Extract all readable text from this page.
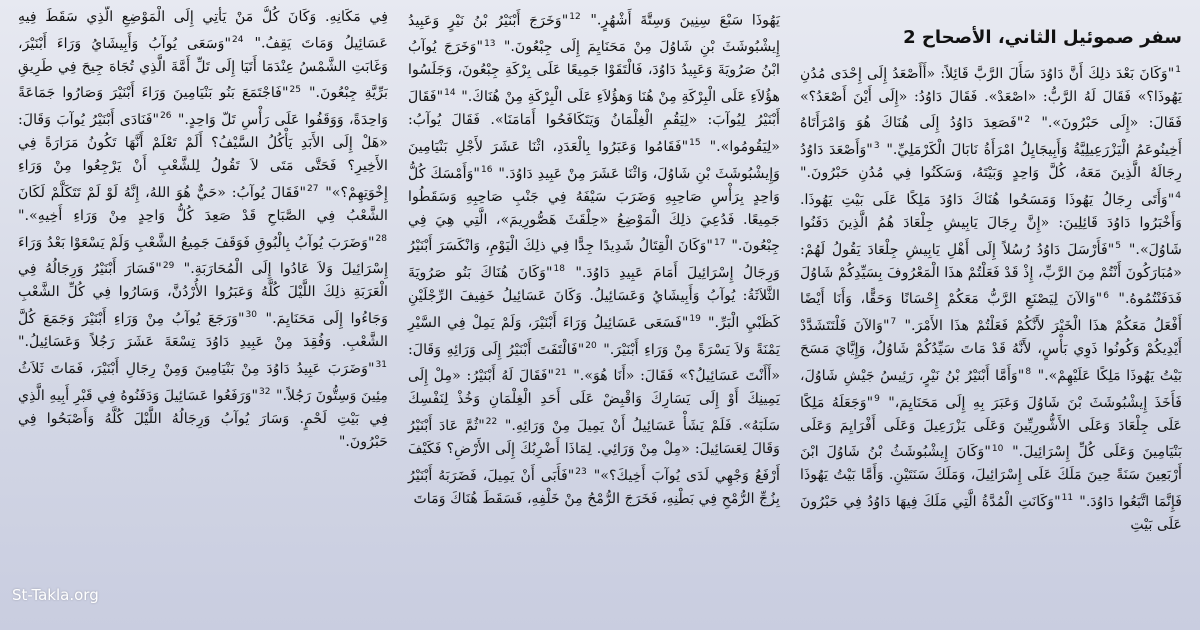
سفر صموئيل الثاني، الأصحاح 2
$^1$"وَكَانَ بَعْدَ ذلِكَ أَنَّ دَاوُدَ سَأَلَ الرَّبَّ قَائِلاً: «أَأَصْعَدُ إِلَى إِحْدَى مُدُنِ يَهُوذَا؟» فَقَالَ لَهُ الرَّبُّ: «اصْعَدْ». فَقَالَ دَاوُدُ: «إِلَى أَيْنَ أَصْعَدُ؟» فَقَالَ: «إِلَى حَبْرُونَ»." $^2$"فَصَعِدَ دَاوُدُ إِلَى هُنَاكَ هُوَ وَامْرَأَتَاهُ أَخِينُوعَمُ الْيَزْرَعِيلِيَّةُ وَأَبِيجَايِلُ امْرَأَةُ نَابَالَ الْكَرْمَلِيِّ." $^3$"وَأَصْعَدَ دَاوُدُ رِجَالَهُ الَّذِينَ مَعَهُ، كُلَّ وَاحِدٍ وَبَيْتَهُ، وَسَكَنُوا فِي مُدُنِ حَبْرُونَ." $^4$"وَأَتَى رِجَالُ يَهُوذَا وَمَسَحُوا هُنَاكَ دَاوُدَ مَلِكًا عَلَى بَيْتِ يَهُوذَا. وَأَخْبَرُوا دَاوُدَ قَائِلِينَ: «إِنَّ رِجَالَ يَابِيشِ جِلْعَادَ هُمُ الَّذِينَ دَفَنُوا شَاوُلَ»." $^5$"فَأَرْسَلَ دَاوُدُ رُسُلاً إِلَى أَهْلِ يَابِيشِ جِلْعَادَ يَقُولُ لَهُمْ: «مُبَارَكُونَ أَنْتُمْ مِنَ الرَّبِّ، إِذْ قَدْ فَعَلْتُمْ هذَا الْمَعْرُوفَ بِسَيِّدِكُمْ شَاوُلَ فَدَفَنْتُمُوهُ." $^6$"وَالآنَ لِيَصْنَعِ الرَّبُّ مَعَكُمْ إِحْسَانًا وَحَقًّا، وَأَنَا أَيْضًا أَفْعَلُ مَعَكُمْ هذَا الْخَيْرَ لأَنَّكُمْ فَعَلْتُمْ هذَا الأَمْرَ." $^7$"وَالآنَ فَلْتَتَشَدَّدْ أَيْدِيكُمْ وَكُونُوا ذَوِي بَأْسٍ، لأَنَّهُ قَدْ مَاتَ سَيِّدُكُمْ شَاوُلُ، وَإِيَّايَ مَسَحَ بَيْتُ يَهُوذَا مَلِكًا عَلَيْهِمْ»." $^8$"وَأَمَّا أَبْنَيْرُ بْنُ نَيْرٍ، رَئِيسُ جَيْشِ شَاوُلَ، فَأَخَذَ إِيشْبُوشَثَ بْنَ شَاوُلَ وَعَبَرَ بِهِ إِلَى مَحَنَايِمَ،" $^9$"وَجَعَلَهُ مَلِكًا عَلَى جِلْعَادَ وَعَلَى الأَشُّورِيِّينَ وَعَلَى يَزْرَعِيلَ وَعَلَى أَفْرَايِمَ وَعَلَى بَنْيَامِينَ وَعَلَى كُلِّ إِسْرَائِيلَ." $^{10}$"وَكَانَ إِيشْبُوشَثُ بْنُ شَاوُلَ ابْنَ أَرْبَعِينَ سَنَةً حِينَ مَلَكَ عَلَى إِسْرَائِيلَ، وَمَلَكَ سَنَتَيْنِ. وَأَمَّا بَيْتُ يَهُوذَا فَإِنَّمَا اتَّبَعُوا دَاوُدَ." $^{11}$"وَكَانَتِ الْمُدَّةُ الَّتِي مَلَكَ فِيهَا دَاوُدُ فِي حَبْرُونَ عَلَى بَيْتِ
يَهُوذَا سَبْعَ سِنِينَ وَسِتَّةَ أَشْهُرٍ." $^{12}$"وَخَرَجَ أَبْنَيْرُ بْنُ نَيْرٍ وَعَبِيدُ إِيشْبُوشَثَ بْنِ شَاوُلَ مِنْ مَحَنَايِمَ إِلَى جِبْعُونَ." $^{13}$"وَخَرَجَ يُوآبُ ابْنُ صَرُويَةَ وَعَبِيدُ دَاوُدَ، فَالْتَقَوْا جَمِيعًا عَلَى بِرْكَةِ جِبْعُونَ، وَجَلَسُوا هؤُلاَءِ عَلَى الْبِرْكَةِ مِنْ هُنَا وَهؤُلاَءِ عَلَى الْبِرْكَةِ مِنْ هُنَاكَ." $^{14}$"فَقَالَ أَبْنَيْرُ لِيُوآبَ: «لِيَقُمِ الْغِلْمَانُ وَيَتَكَافَحُوا أَمَامَنَا». فَقَالَ يُوآبُ: «لِيَقُومُوا»." $^{15}$"فَقَامُوا وَعَبَرُوا بِالْعَدَدِ، اثْنَا عَشَرَ لأَجْلِ بَنْيَامِينَ وَإِيشْبُوشَثَ بْنِ شَاوُلَ، وَاثْنَا عَشَرَ مِنْ عَبِيدِ دَاوُدَ." $^{16}$"وَأَمْسَكَ كُلُّ وَاحِدٍ بِرَأْسِ صَاحِبِهِ وَضَرَبَ سَيْفَهُ فِي جَنْبِ صَاحِبِهِ وَسَقَطُوا جَمِيعًا. فَدُعِيَ ذلِكَ الْمَوْضِعُ «حِلْقَثَ هَصُّورِيمَ»، الَّتِي هِيَ فِي جِبْعُونَ." $^{17}$"وَكَانَ الْقِتَالُ شَدِيدًا جِدًّا فِي ذلِكَ الْيَوْمِ، وَانْكَسَرَ أَبْنَيْرُ وَرِجَالُ إِسْرَائِيلَ أَمَامَ عَبِيدِ دَاوُدَ." $^{18}$"وَكَانَ هُنَاكَ بَنُو صَرُويَةَ الثَّلاَثَةُ: يُوآبُ وَأَبِيشَايُ وَعَسَائِيلُ. وَكَانَ عَسَائِيلُ خَفِيفَ الرِّجْلَيْنِ كَظَبْيِ الْبَرِّ." $^{19}$"فَسَعَى عَسَائِيلُ وَرَاءَ أَبْنَيْرَ، وَلَمْ يَمِلْ فِي السَّيْرِ يَمْنَةً وَلاَ يَسْرَةً مِنْ وَرَاءِ أَبْنَيْرَ." $^{20}$"فَالْتَفَتَ أَبْنَيْرُ إِلَى وَرَائِهِ وَقَالَ: «أَأَنْتَ عَسَائِيلُ؟» فَقَالَ: «أَنَا هُوَ»." $^{21}$"فَقَالَ لَهُ أَبْنَيْرُ: «مِلْ إِلَى يَمِينِكَ أَوْ إِلَى يَسَارِكَ وَاقْبِضْ عَلَى أَحَدِ الْغِلْمَانِ وَخُذْ لِنَفْسِكَ سَلَبَهُ». فَلَمْ يَشَأْ عَسَائِيلُ أَنْ يَمِيلَ مِنْ وَرَائِهِ." $^{22}$"ثُمَّ عَادَ أَبْنَيْرُ وَقَالَ لِعَسَائِيلَ: «مِلْ مِنْ وَرَائِي. لِمَاذَا أَضْرِبُكَ إِلَى الأَرْضِ؟ فَكَيْفَ أَرْفَعُ وَجْهِي لَدَى يُوآبَ أَخِيكَ؟»" $^{23}$"فَأَبَى أَنْ يَمِيلَ، فَضَرَبَهُ أَبْنَيْرُ بِزُجِّ الرُّمْحِ فِي بَطْنِهِ، فَخَرَجَ الرُّمْحُ مِنْ خَلْفِهِ، فَسَقَطَ هُنَاكَ وَمَاتَ
فِي مَكَانِهِ. وَكَانَ كُلُّ مَنْ يَأْتِي إِلَى الْمَوْضِعِ الَّذِي سَقَطَ فِيهِ عَسَائِيلُ وَمَاتَ يَقِفُ." $^{24}$"وَسَعَى يُوآبُ وَأَبِيشَايُ وَرَاءَ أَبْنَيْرَ، وَغَابَتِ الشَّمْسُ عِنْدَمَا أَتَيَا إِلَى تَلِّ أَمَّةَ الَّذِي تُجَاهَ جِيحَ فِي طَرِيقِ بَرِّيَّةِ جِبْعُونَ." $^{25}$"فَاجْتَمَعَ بَنُو بَنْيَامِينَ وَرَاءَ أَبْنَيْرَ وَصَارُوا جَمَاعَةً وَاحِدَةً، وَوَقَفُوا عَلَى رَأْسِ تَلّ وَاحِدٍ." $^{26}$"فَنَادَى أَبْنَيْرُ يُوآبَ وَقَالَ: «هَلْ إِلَى الأَبَدِ يَأْكُلُ السَّيْفُ؟ أَلَمْ تَعْلَمْ أَنَّهَا تَكُونُ مَرَارَةً فِي الأَخِيرِ؟ فَحَتَّى مَتَى لاَ تَقُولُ لِلشَّعْبِ أَنْ يَرْجِعُوا مِنْ وَرَاءِ إِخْوَتِهِمْ؟»" $^{27}$"فَقَالَ يُوآبُ: «حَيٌّ هُوَ اللهُ، إِنَّهُ لَوْ لَمْ تَتَكَلَّمْ لَكَانَ الشَّعْبُ فِي الصَّبَاحِ قَدْ صَعِدَ كُلُّ وَاحِدٍ مِنْ وَرَاءِ أَخِيهِ»." $^{28}$"وَضَرَبَ يُوآبُ بِالْبُوقِ فَوَقَفَ جَمِيعُ الشَّعْبِ وَلَمْ يَسْعَوْا بَعْدُ وَرَاءَ إِسْرَائِيلَ وَلاَ عَادُوا إِلَى الْمُحَارَبَةِ." $^{29}$"فَسَارَ أَبْنَيْرُ وَرِجَالُهُ فِي الْعَرَبَةِ ذلِكَ اللَّيْلَ كُلَّهُ وَعَبَرُوا الأُرْدُنَّ، وَسَارُوا فِي كُلِّ الشَّعْبِ وَجَاءُوا إِلَى مَحَنَايِمَ." $^{30}$"وَرَجَعَ يُوآبُ مِنْ وَرَاءِ أَبْنَيْرَ وَجَمَعَ كُلَّ الشَّعْبِ. وَفُقِدَ مِنْ عَبِيدِ دَاوُدَ تِسْعَةَ عَشَرَ رَجُلاً وَعَسَائِيلُ." $^{31}$"وَضَرَبَ عَبِيدُ دَاوُدَ مِنْ بَنْيَامِينَ وَمِنْ رِجَالِ أَبْنَيْرَ، فَمَاتَ ثَلاَثُ مِئِينَ وَسِتُّونَ رَجُلاً." $^{32}$"وَرَفَعُوا عَسَائِيلَ وَدَفَنُوهُ فِي قَبْرِ أَبِيهِ الَّذِي فِي بَيْتِ لَحْمٍ. وَسَارَ يُوآبُ وَرِجَالُهُ اللَّيْلَ كُلَّهُ وَأَصْبَحُوا فِي حَبْرُونَ."
St-Takla.org
